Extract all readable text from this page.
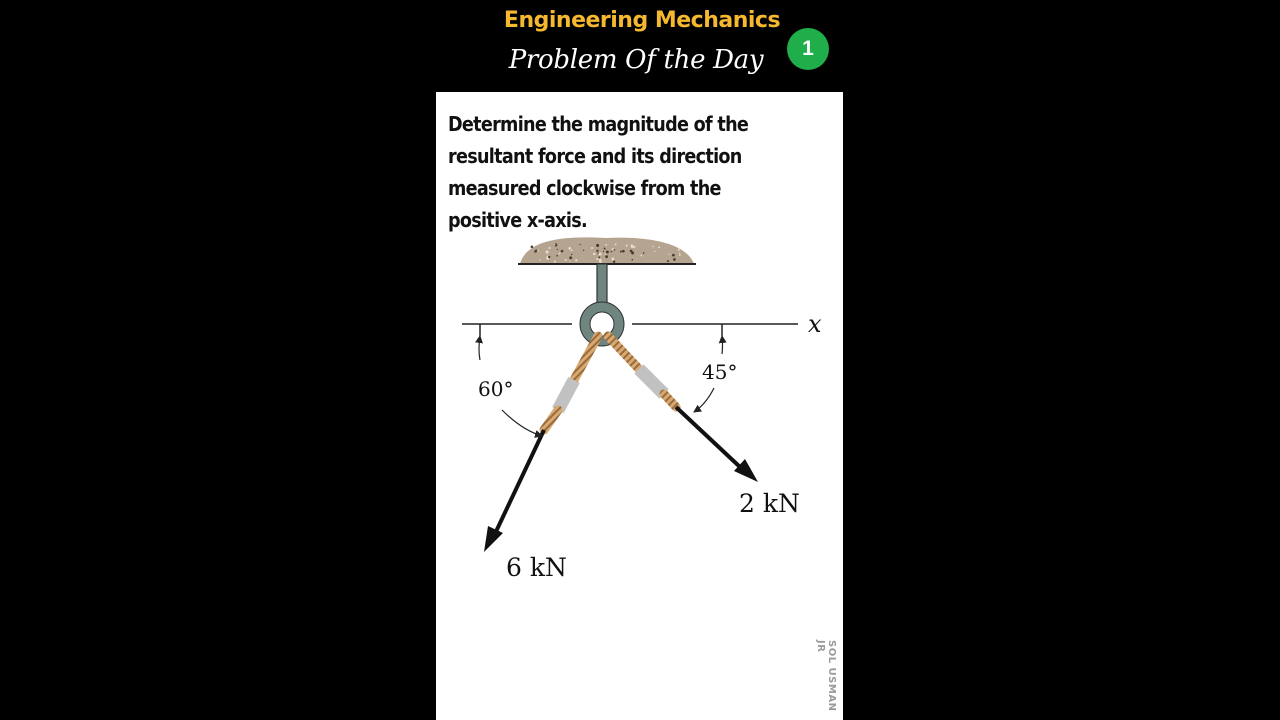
Engineering Mechanics
Problem Of the Day	1

Determine the magnitude of the resultant force and its direction measured clockwise from the positive x-axis.

x
6 kN
2 kN
60°
45°
SOL USMAN JR
